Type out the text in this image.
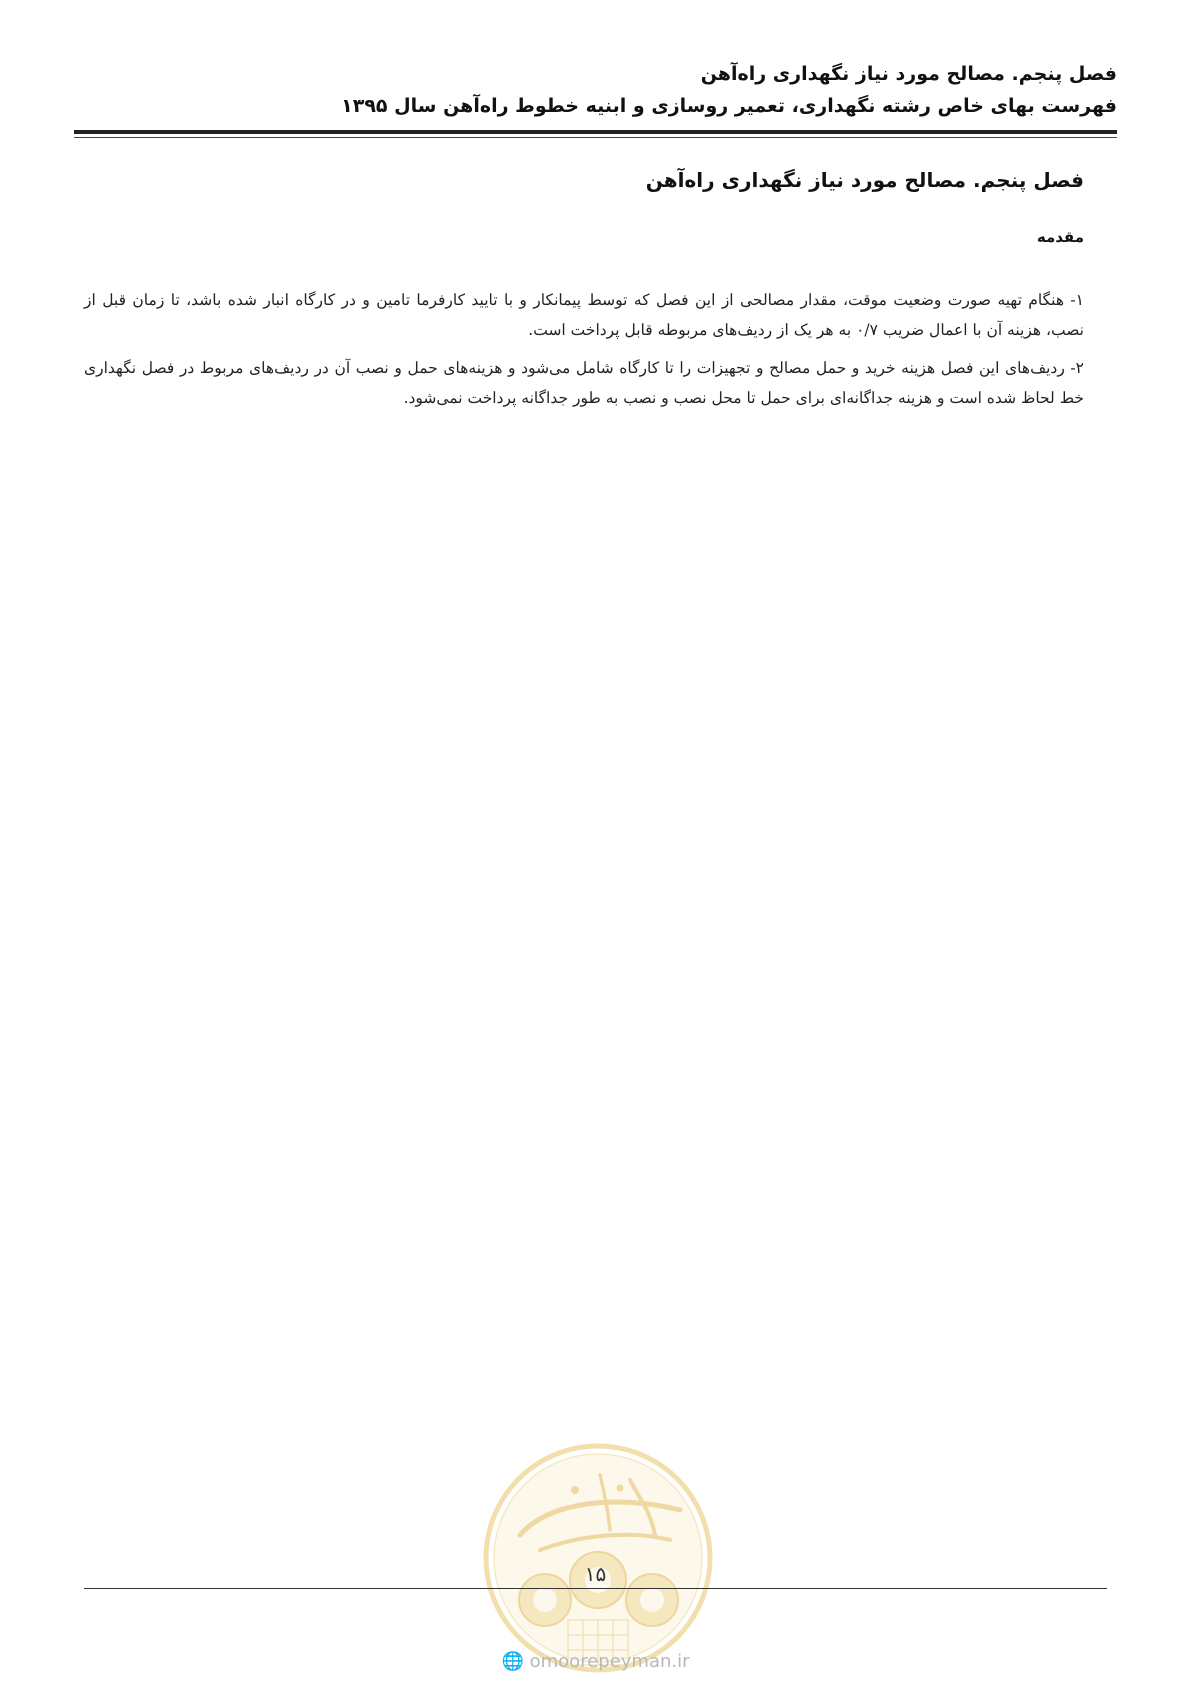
فصل پنجم. مصالح مورد نیاز نگهداری راه‌آهن
فهرست بهای خاص رشته نگهداری، تعمیر روسازی و ابنیه خطوط راه‌آهن سال ۱۳۹۵
فصل پنجم. مصالح مورد نیاز نگهداری راه‌آهن
مقدمه

۱- هنگام تهیه صورت وضعیت موقت، مقدار مصالحی از این فصل که توسط پیمانکار و با تایید کارفرما تامین و در کارگاه انبار شده باشد، تا زمان قبل از نصب، هزینه آن با اعمال ضریب ۰/۷ به هر یک از ردیف‌های مربوطه قابل پرداخت است.

۲- ردیف‌های این فصل هزینه خرید و حمل مصالح و تجهیزات را تا کارگاه شامل می‌شود و هزینه‌های حمل و نصب آن در ردیف‌های مربوط در فصل نگهداری خط لحاظ شده است و هزینه جداگانه‌ای برای حمل تا محل نصب و نصب به طور جداگانه پرداخت نمی‌شود.

۱۵
🌐 omoorepeyman.ir
